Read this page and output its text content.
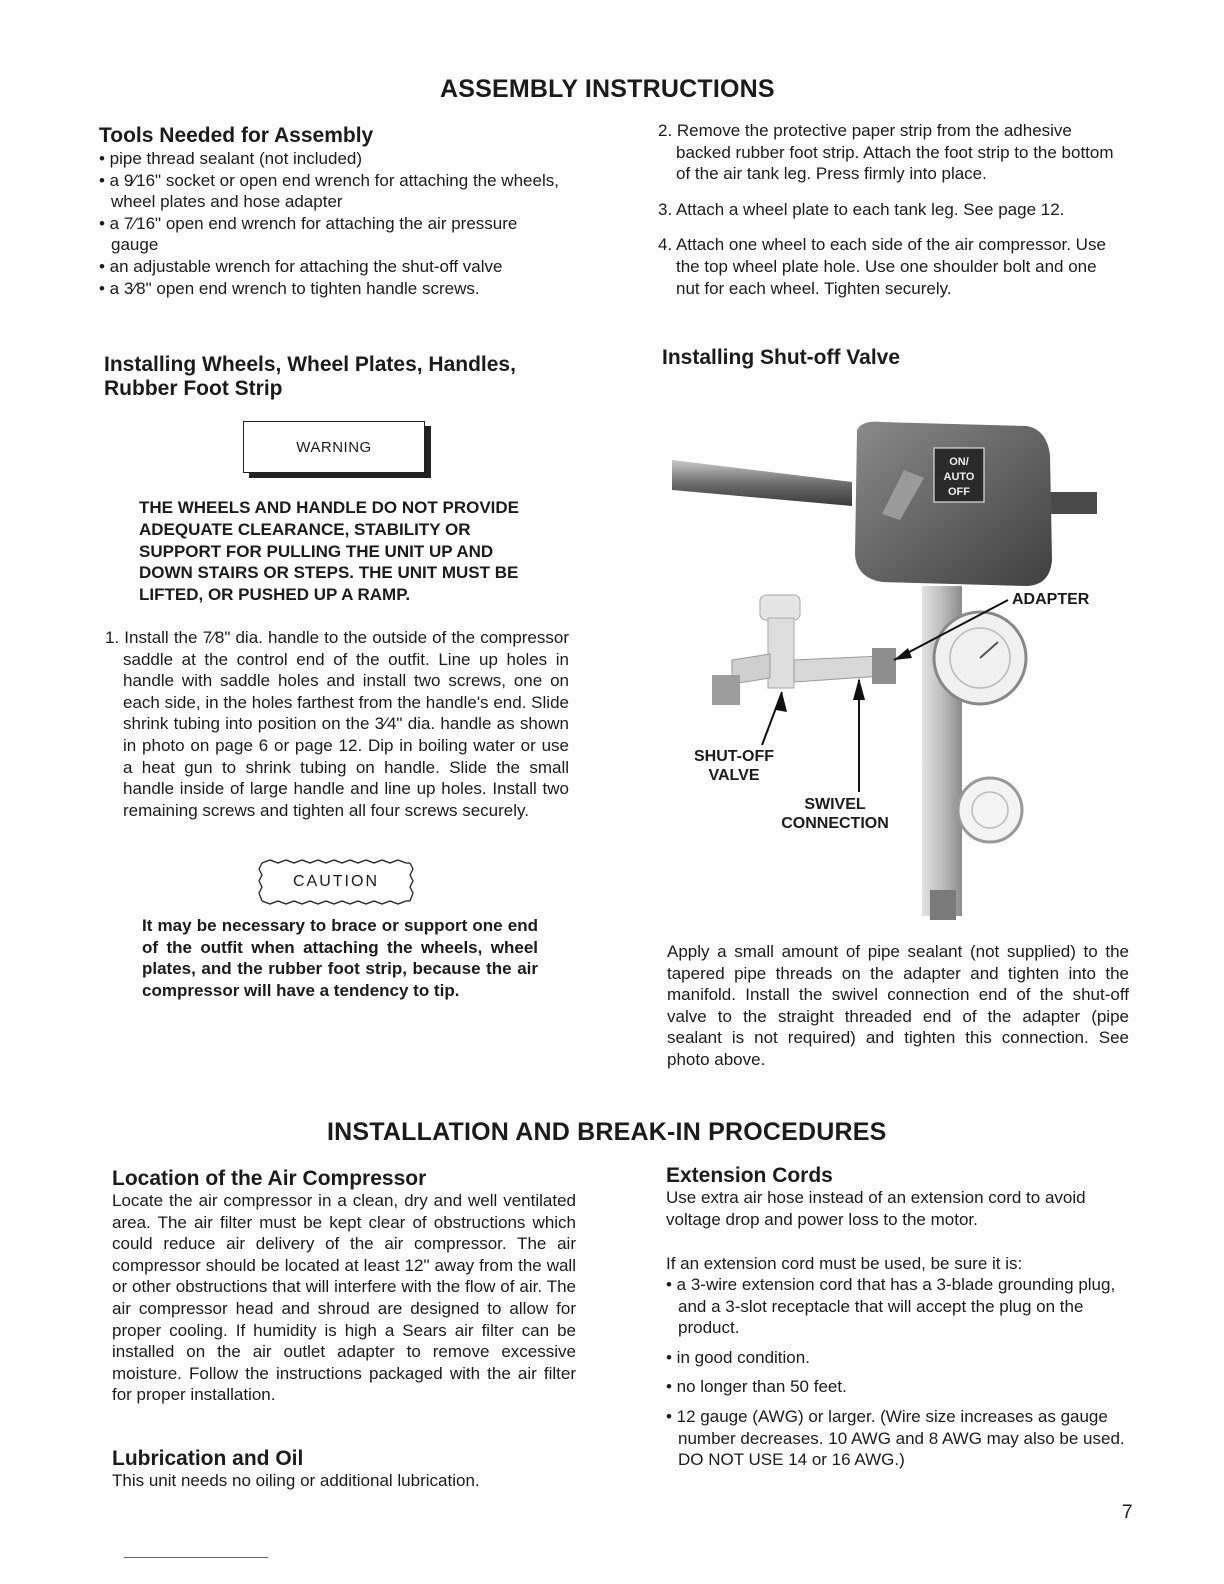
ASSEMBLY INSTRUCTIONS
Tools Needed for Assembly
• pipe thread sealant (not included)
• a 9⁄16" socket or open end wrench for attaching the wheels, wheel plates and hose adapter
• a 7⁄16" open end wrench for attaching the air pressure gauge
• an adjustable wrench for attaching the shut-off valve
• a 3⁄8" open end wrench to tighten handle screws.
Installing Wheels, Wheel Plates, Handles, Rubber Foot Strip
WARNING
THE WHEELS AND HANDLE DO NOT PROVIDE ADEQUATE CLEARANCE, STABILITY OR SUPPORT FOR PULLING THE UNIT UP AND DOWN STAIRS OR STEPS. THE UNIT MUST BE LIFTED, OR PUSHED UP A RAMP.
1. Install the 7⁄8" dia. handle to the outside of the compressor saddle at the control end of the outfit. Line up holes in handle with saddle holes and install two screws, one on each side, in the holes farthest from the handle's end. Slide shrink tubing into position on the 3⁄4" dia. handle as shown in photo on page 6 or page 12. Dip in boiling water or use a heat gun to shrink tubing on handle. Slide the small handle inside of large handle and line up holes. Install two remaining screws and tighten all four screws securely.
CAUTION
It may be necessary to brace or support one end of the outfit when attaching the wheels, wheel plates, and the rubber foot strip, because the air compressor will have a tendency to tip.
2. Remove the protective paper strip from the adhesive backed rubber foot strip. Attach the foot strip to the bottom of the air tank leg. Press firmly into place.
3. Attach a wheel plate to each tank leg. See page 12.
4. Attach one wheel to each side of the air compressor. Use the top wheel plate hole. Use one shoulder bolt and one nut for each wheel. Tighten securely.
Installing Shut-off Valve
ON/
AUTO
OFF
ADAPTER
SHUT-OFF VALVE
SWIVEL CONNECTION
Apply a small amount of pipe sealant (not supplied) to the tapered pipe threads on the adapter and tighten into the manifold. Install the swivel connection end of the shut-off valve to the straight threaded end of the adapter (pipe sealant is not required) and tighten this connection. See photo above.
INSTALLATION AND BREAK-IN PROCEDURES
Location of the Air Compressor
Locate the air compressor in a clean, dry and well ventilated area. The air filter must be kept clear of obstructions which could reduce air delivery of the air compressor. The air compressor should be located at least 12" away from the wall or other obstructions that will interfere with the flow of air. The air compressor head and shroud are designed to allow for proper cooling. If humidity is high a Sears air filter can be installed on the air outlet adapter to remove excessive moisture. Follow the instructions packaged with the air filter for proper installation.
Lubrication and Oil
This unit needs no oiling or additional lubrication.
Extension Cords
Use extra air hose instead of an extension cord to avoid voltage drop and power loss to the motor.
If an extension cord must be used, be sure it is:
• a 3-wire extension cord that has a 3-blade grounding plug, and a 3-slot receptacle that will accept the plug on the product.
• in good condition.
• no longer than 50 feet.
• 12 gauge (AWG) or larger. (Wire size increases as gauge number decreases. 10 AWG and 8 AWG may also be used. DO NOT USE 14 or 16 AWG.)
7
